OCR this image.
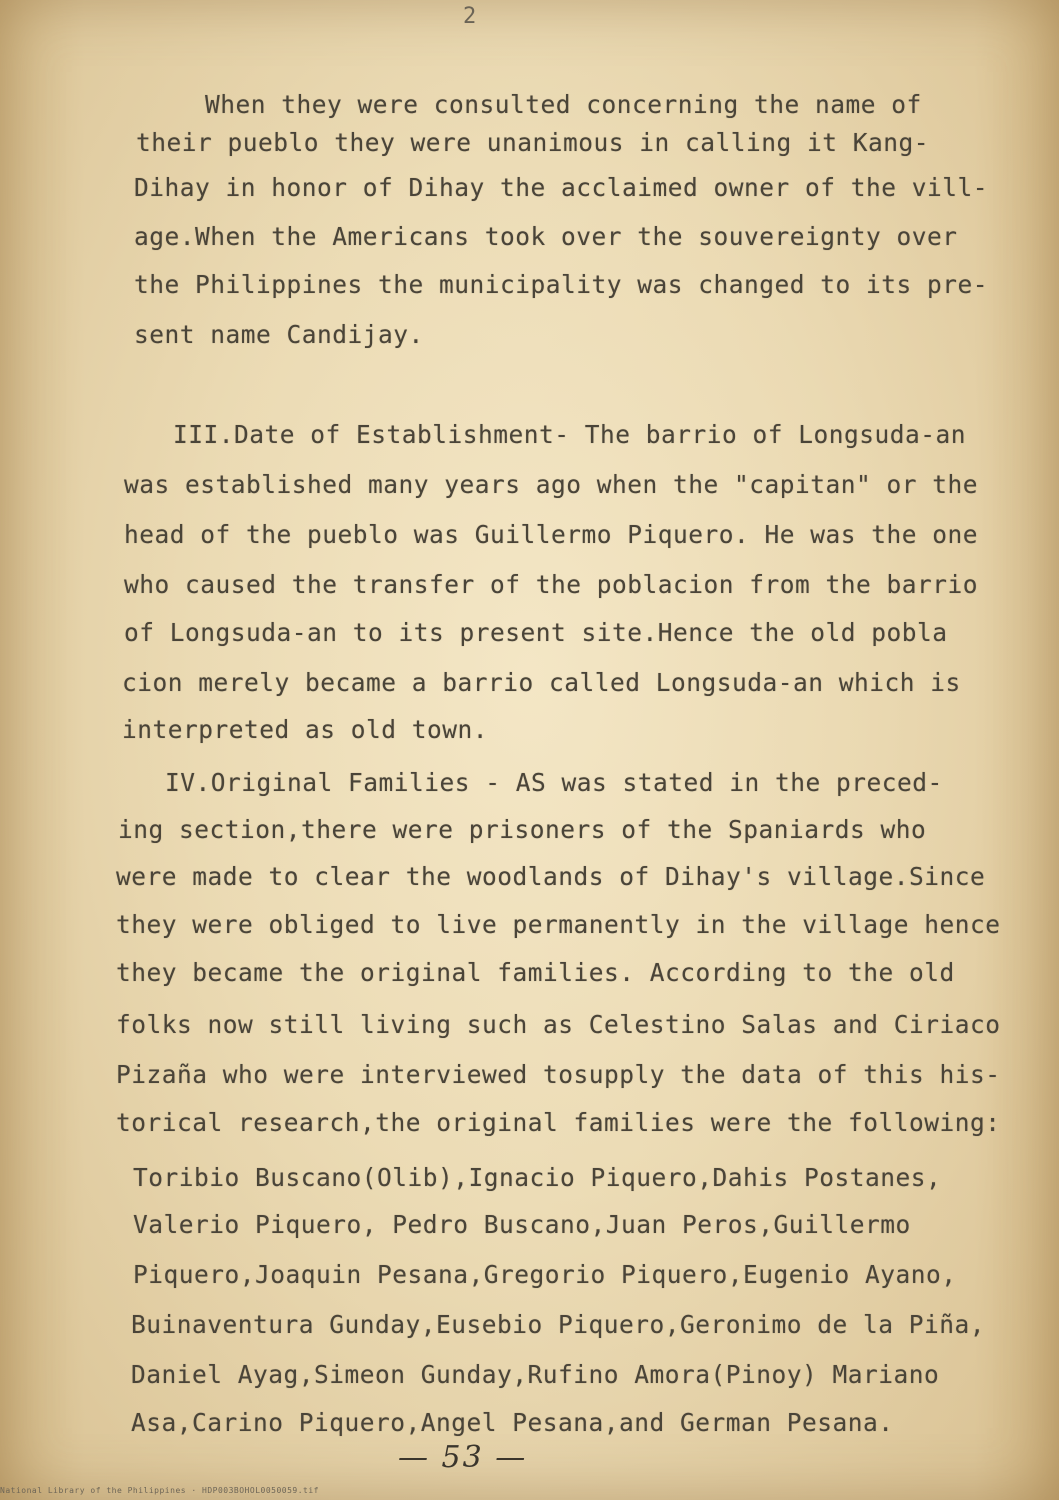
2
When they were consulted concerning the name of
their pueblo they were unanimous in calling it Kang-
Dihay in honor of Dihay the acclaimed owner of the vill-
age.When the Americans took over the souvereignty over
the Philippines the municipality was changed to its pre-
sent name Candijay.
III.Date of Establishment- The barrio of Longsuda-an
was established many years ago when the "capitan" or the
head of the pueblo was Guillermo Piquero. He was the one
who caused the transfer of the poblacion from the barrio
of Longsuda-an to its present site.Hence the old pobla
cion merely became a barrio called Longsuda-an which is
interpreted as old town.
IV.Original Families - AS was stated in the preced-
ing section,there were prisoners of the Spaniards who
were made to clear the woodlands of Dihay's village.Since
they were obliged to live permanently in the village hence
they became the original families. According to the old
folks now still living such as Celestino Salas and Ciriaco
Pizaña who were interviewed tosupply the data of this his-
torical research,the original families were the following:
Toribio Buscano(Olib),Ignacio Piquero,Dahis Postanes,
Valerio Piquero, Pedro Buscano,Juan Peros,Guillermo
Piquero,Joaquin Pesana,Gregorio Piquero,Eugenio Ayano,
Buinaventura Gunday,Eusebio Piquero,Geronimo de la Piña,
Daniel Ayag,Simeon Gunday,Rufino Amora(Pinoy) Mariano
Asa,Carino Piquero,Angel Pesana,and German Pesana.
— 53 —
National Library of the Philippines · HDP003BOHOL0050059.tif
